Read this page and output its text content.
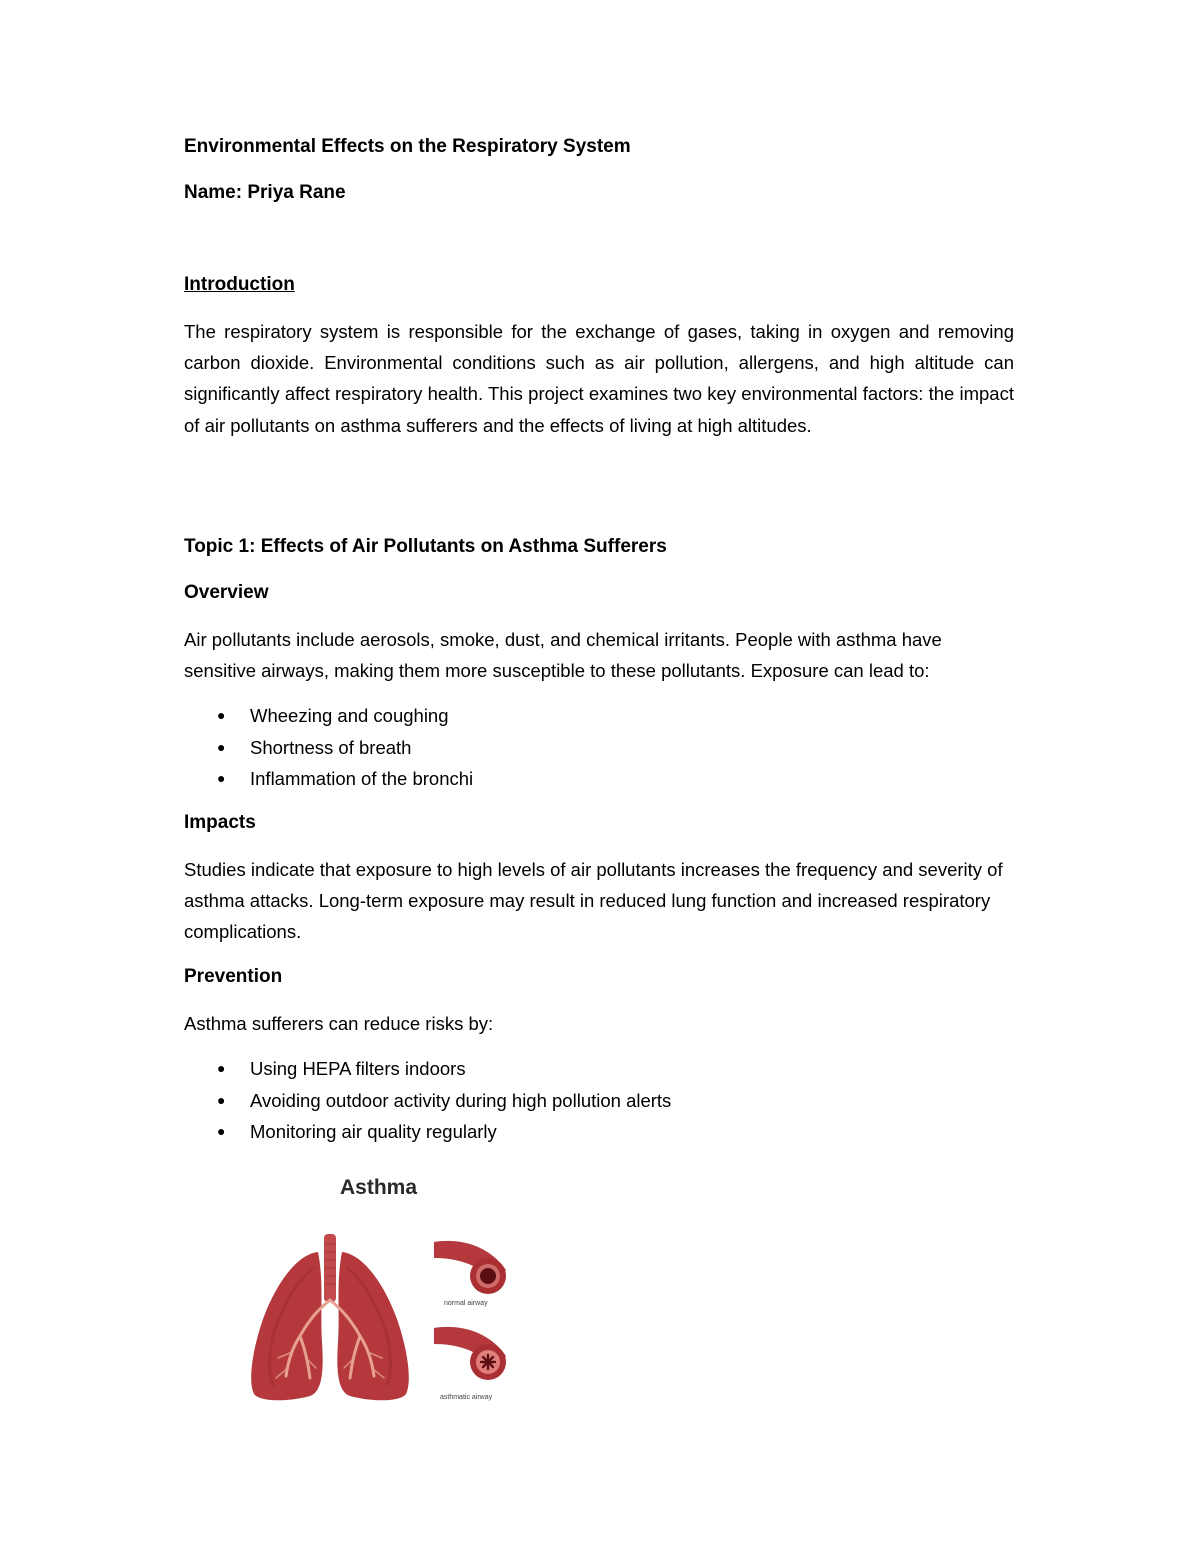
Environmental Effects on the Respiratory System

Name: Priya Rane

Introduction

The respiratory system is responsible for the exchange of gases, taking in oxygen and removing carbon dioxide. Environmental conditions such as air pollution, allergens, and high altitude can significantly affect respiratory health. This project examines two key environmental factors: the impact of air pollutants on asthma sufferers and the effects of living at high altitudes.

Topic 1: Effects of Air Pollutants on Asthma Sufferers
Overview

Air pollutants include aerosols, smoke, dust, and chemical irritants. People with asthma have sensitive airways, making them more susceptible to these pollutants. Exposure can lead to:

● Wheezing and coughing
● Shortness of breath
● Inflammation of the bronchi
Impacts

Studies indicate that exposure to high levels of air pollutants increases the frequency and severity of asthma attacks. Long-term exposure may result in reduced lung function and increased respiratory complications.

Prevention

Asthma sufferers can reduce risks by:

● Using HEPA filters indoors
● Avoiding outdoor activity during high pollution alerts
● Monitoring air quality regularly
Asthma
normal airway
asthmatic airway
